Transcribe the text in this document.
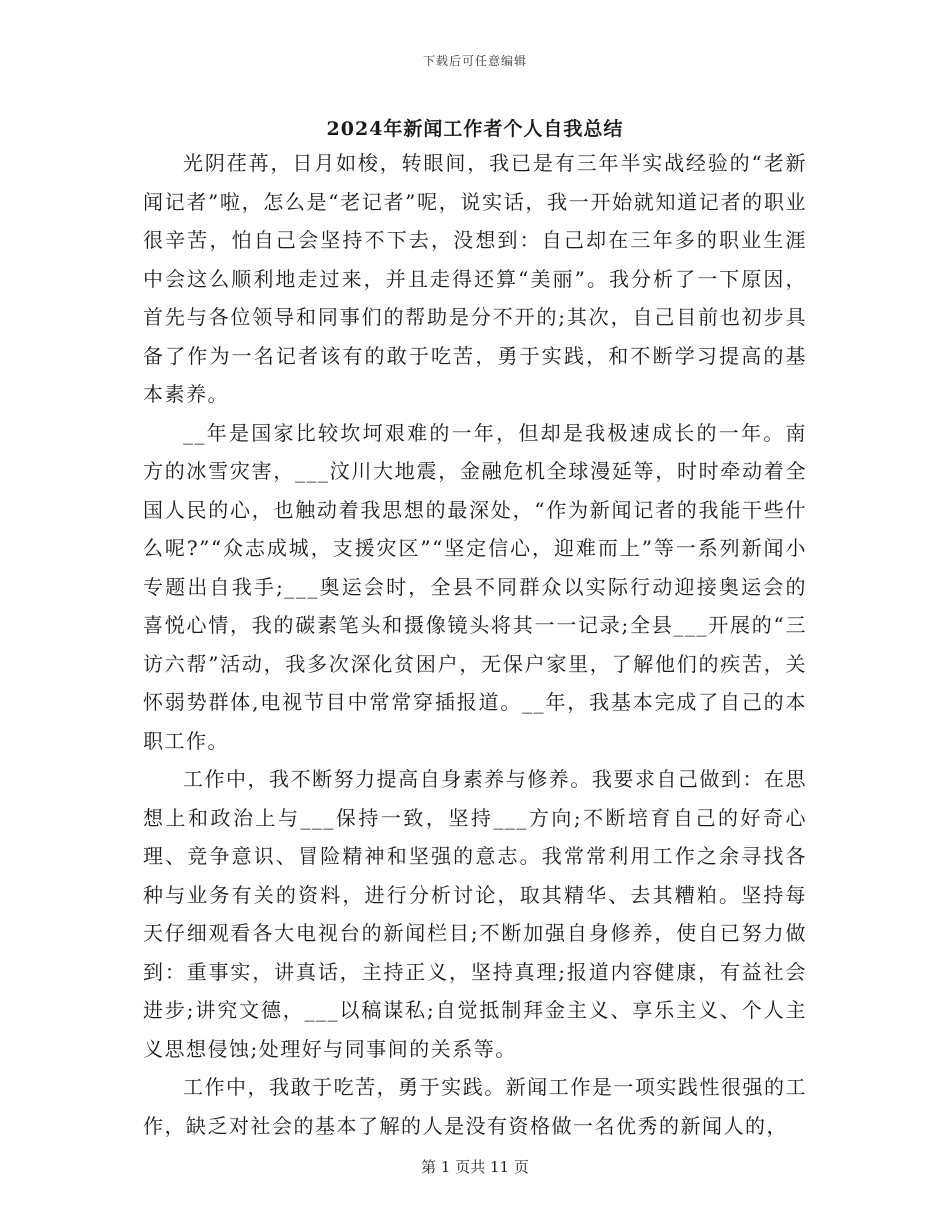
下载后可任意编辑
2024年新闻工作者个人自我总结

光阴荏苒，日月如梭，转眼间，我已是有三年半实战经验的“老新闻记者”啦，怎么是“老记者”呢，说实话，我一开始就知道记者的职业很辛苦，怕自己会坚持不下去，没想到：自己却在三年多的职业生涯中会这么顺利地走过来，并且走得还算“美丽”。我分析了一下原因，首先与各位领导和同事们的帮助是分不开的;其次，自己目前也初步具备了作为一名记者该有的敢于吃苦，勇于实践，和不断学习提高的基本素养。

__年是国家比较坎坷艰难的一年，但却是我极速成长的一年。南方的冰雪灾害，___汶川大地震，金融危机全球漫延等，时时牵动着全国人民的心，也触动着我思想的最深处，“作为新闻记者的我能干些什么呢?”“众志成城，支援灾区”“坚定信心，迎难而上”等一系列新闻小专题出自我手;___奥运会时，全县不同群众以实际行动迎接奥运会的喜悦心情，我的碳素笔头和摄像镜头将其一一记录;全县___开展的“三访六帮”活动，我多次深化贫困户，无保户家里，了解他们的疾苦，关怀弱势群体,电视节目中常常穿插报道。__年，我基本完成了自己的本职工作。

工作中，我不断努力提高自身素养与修养。我要求自己做到：在思想上和政治上与___保持一致，坚持___方向;不断培育自己的好奇心理、竞争意识、冒险精神和坚强的意志。我常常利用工作之余寻找各种与业务有关的资料，进行分析讨论，取其精华、去其糟粕。坚持每天仔细观看各大电视台的新闻栏目;不断加强自身修养，使自已努力做到：重事实，讲真话，主持正义，坚持真理;报道内容健康，有益社会进步;讲究文德，___以稿谋私;自觉抵制拜金主义、享乐主义、个人主义思想侵蚀;处理好与同事间的关系等。

工作中，我敢于吃苦，勇于实践。新闻工作是一项实践性很强的工作，缺乏对社会的基本了解的人是没有资格做一名优秀的新闻人的，

第 1 页共 11 页
